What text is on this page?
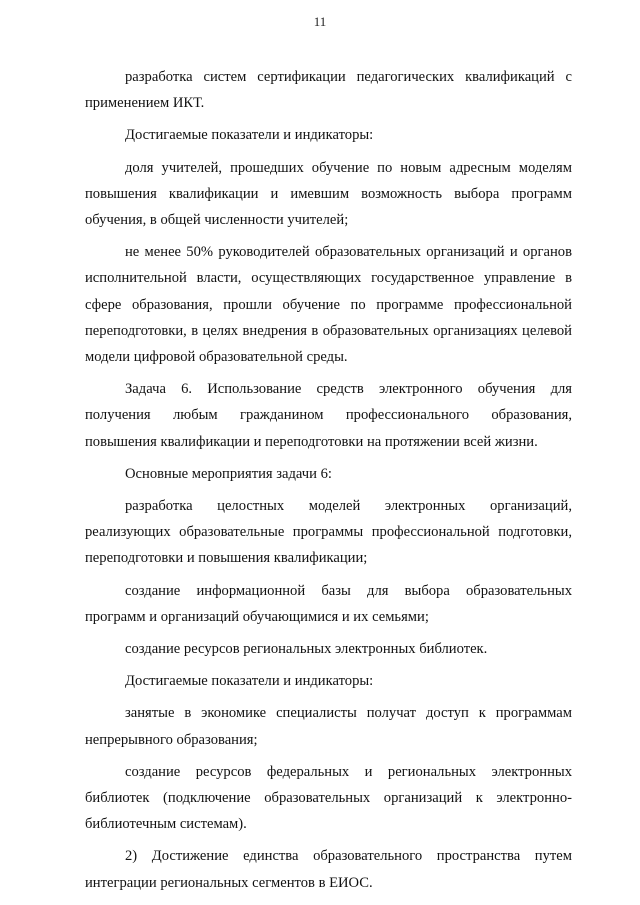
11

разработка систем сертификации педагогических квалификаций с применением ИКТ.

Достигаемые показатели и индикаторы:

доля учителей, прошедших обучение по новым адресным моделям повышения квалификации и имевшим возможность выбора программ обучения, в общей численности учителей;

не менее 50% руководителей образовательных организаций и органов исполнительной власти, осуществляющих государственное управление в сфере образования, прошли обучение по программе профессиональной переподготовки, в целях внедрения в образовательных организациях целевой модели цифровой образовательной среды.

Задача 6. Использование средств электронного обучения для получения любым гражданином профессионального образования, повышения квалификации и переподготовки на протяжении всей жизни.

Основные мероприятия задачи 6:

разработка целостных моделей электронных организаций, реализующих образовательные программы профессиональной подготовки, переподготовки и повышения квалификации;

создание информационной базы для выбора образовательных программ и организаций обучающимися и их семьями;

создание ресурсов региональных электронных библиотек.

Достигаемые показатели и индикаторы:

занятые в экономике специалисты получат доступ к программам непрерывного образования;

создание ресурсов федеральных и региональных электронных библиотек (подключение образовательных организаций к электронно-библиотечным системам).

2) Достижение единства образовательного пространства путем интеграции региональных сегментов в ЕИОС.
